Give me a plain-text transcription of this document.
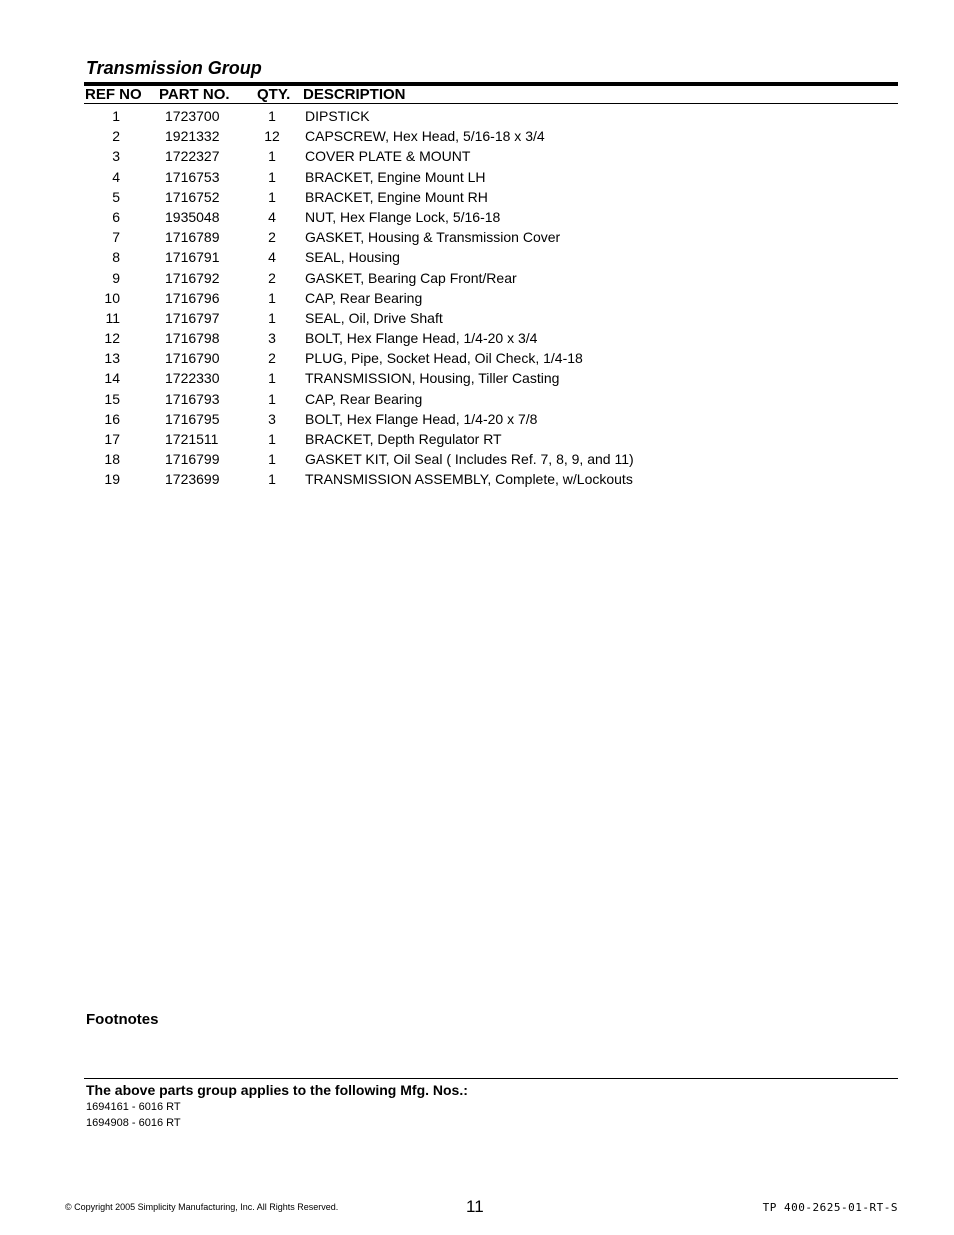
Transmission Group
REF NO PART NO. QTY. DESCRIPTION
1	1723700	1	DIPSTICK
2	1921332	12	CAPSCREW, Hex Head, 5/16-18 x 3/4
3	1722327	1	COVER PLATE & MOUNT
4	1716753	1	BRACKET, Engine Mount LH
5	1716752	1	BRACKET, Engine Mount RH
6	1935048	4	NUT, Hex Flange Lock, 5/16-18
7	1716789	2	GASKET, Housing & Transmission Cover
8	1716791	4	SEAL, Housing
9	1716792	2	GASKET, Bearing Cap Front/Rear
10	1716796	1	CAP, Rear Bearing
11	1716797	1	SEAL, Oil, Drive Shaft
12	1716798	3	BOLT, Hex Flange Head, 1/4-20 x 3/4
13	1716790	2	PLUG, Pipe, Socket Head, Oil Check, 1/4-18
14	1722330	1	TRANSMISSION, Housing, Tiller Casting
15	1716793	1	CAP, Rear Bearing
16	1716795	3	BOLT, Hex Flange Head, 1/4-20 x 7/8
17	1721511	1	BRACKET, Depth Regulator RT
18	1716799	1	GASKET KIT, Oil Seal ( Includes Ref. 7, 8, 9, and 11)
19	1723699	1	TRANSMISSION ASSEMBLY, Complete, w/Lockouts
Footnotes

The above parts group applies to the following Mfg. Nos.:

1694161 - 6016 RT
1694908 - 6016 RT
© Copyright 2005 Simplicity Manufacturing, Inc. All Rights Reserved.	11	TP 400-2625-01-RT-S
